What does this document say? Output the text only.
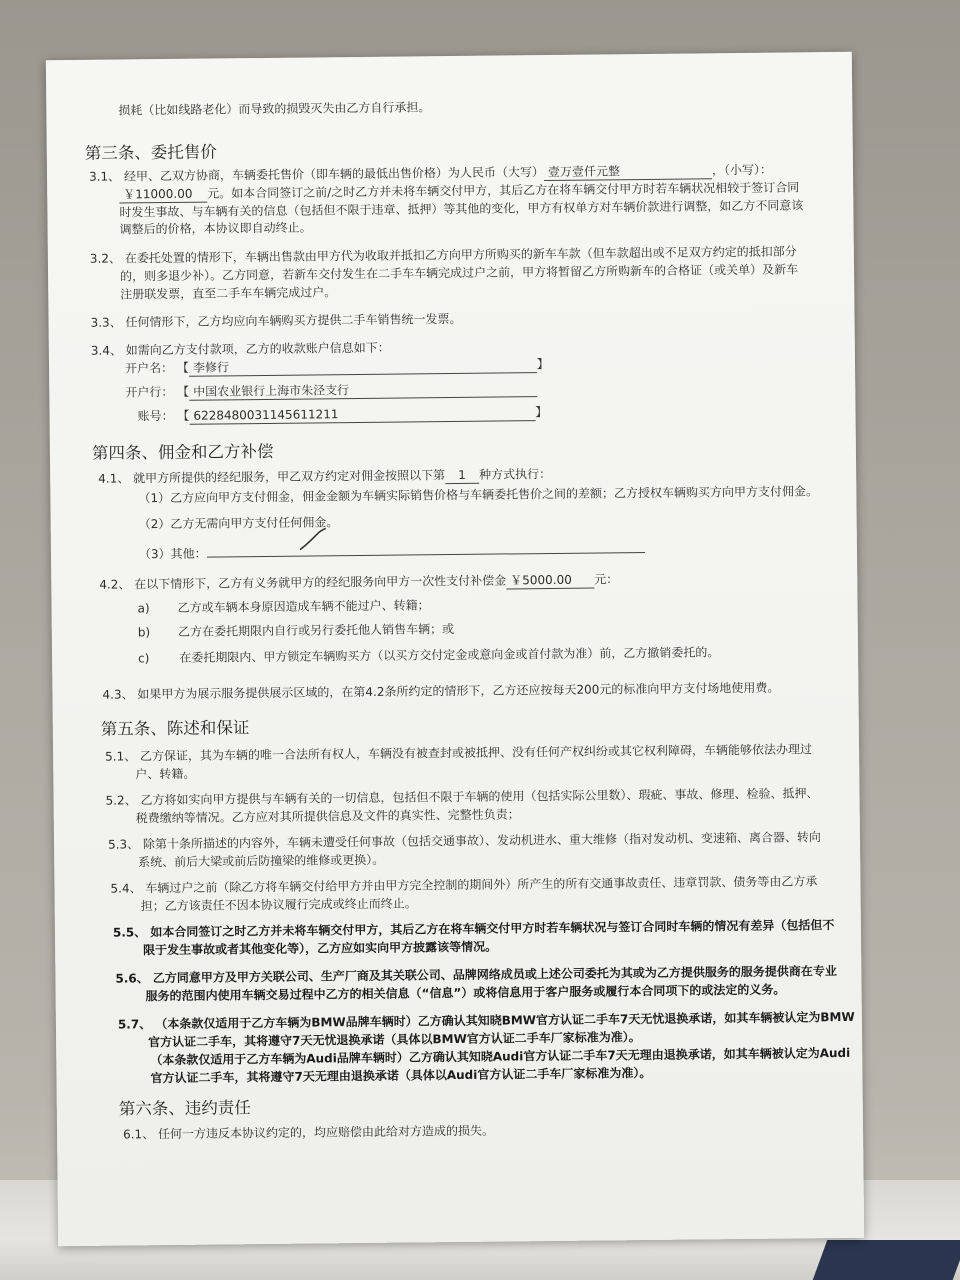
损耗（比如线路老化）而导致的损毁灭失由乙方自行承担。
第三条、委托售价
3.1、 经甲、乙双方协商，车辆委托售价（即车辆的最低出售价格）为人民币（大写） 壹万壹仟元整	，（小写）：
￥11000.00 元。如本合同签订之前/之时乙方并未将车辆交付甲方，其后乙方在将车辆交付甲方时若车辆状况相较于签订合同
时发生事故、与车辆有关的信息（包括但不限于违章、抵押）等其他的变化，甲方有权单方对车辆价款进行调整，如乙方不同意该
调整后的价格，本协议即自动终止。
3.2、 在委托处置的情形下，车辆出售款由甲方代为收取并抵扣乙方向甲方所购买的新车车款（但车款超出或不足双方约定的抵扣部分
的，则多退少补）。乙方同意，若新车交付发生在二手车车辆完成过户之前，甲方将暂留乙方所购新车的合格证（或关单）及新车
注册联发票，直至二手车车辆完成过户。
3.3、 任何情形下，乙方均应向车辆购买方提供二手车销售统一发票。
3.4、 如需向乙方支付款项，乙方的收款账户信息如下：
开户名： 【 李修行	】
开户行： 【 中国农业银行上海市朱泾支行
账号： 【 6228480031145611211	】
第四条、佣金和乙方补偿
4.1、 就甲方所提供的经纪服务，甲乙双方约定对佣金按照以下第 1 种方式执行：
（1）乙方应向甲方支付佣金，佣金金额为车辆实际销售价格与车辆委托售价之间的差额；乙方授权车辆购买方向甲方支付佣金。
（2）乙方无需向甲方支付任何佣金。
（3）其他：
4.2、 在以下情形下，乙方有义务就甲方的经纪服务向甲方一次性支付补偿金 ￥5000.00 元：
a) 乙方或车辆本身原因造成车辆不能过户、转籍；
b) 乙方在委托期限内自行或另行委托他人销售车辆；或
c) 在委托期限内、甲方锁定车辆购买方（以买方交付定金或意向金或首付款为准）前，乙方撤销委托的。
4.3、 如果甲方为展示服务提供展示区域的，在第4.2条所约定的情形下，乙方还应按每天200元的标准向甲方支付场地使用费。
第五条、陈述和保证
5.1、 乙方保证，其为车辆的唯一合法所有权人，车辆没有被查封或被抵押、没有任何产权纠纷或其它权利障碍，车辆能够依法办理过
户、转籍。
5.2、 乙方将如实向甲方提供与车辆有关的一切信息，包括但不限于车辆的使用（包括实际公里数）、瑕疵、事故、修理、检验、抵押、
税费缴纳等情况。乙方应对其所提供信息及文件的真实性、完整性负责；
5.3、 除第十条所描述的内容外，车辆未遭受任何事故（包括交通事故）、发动机进水、重大维修（指对发动机、变速箱、离合器、转向
系统、前后大梁或前后防撞梁的维修或更换）。
5.4、 车辆过户之前（除乙方将车辆交付给甲方并由甲方完全控制的期间外）所产生的所有交通事故责任、违章罚款、债务等由乙方承
担；乙方该责任不因本协议履行完成或终止而终止。
5.5、 如本合同签订之时乙方并未将车辆交付甲方，其后乙方在将车辆交付甲方时若车辆状况与签订合同时车辆的情况有差异（包括但不
限于发生事故或者其他变化等），乙方应如实向甲方披露该等情况。
5.6、 乙方同意甲方及甲方关联公司、生产厂商及其关联公司、品牌网络成员或上述公司委托为其或为乙方提供服务的服务提供商在专业
服务的范围内使用车辆交易过程中乙方的相关信息（“信息”）或将信息用于客户服务或履行本合同项下的或法定的义务。
5.7、 （本条款仅适用于乙方车辆为BMW品牌车辆时）乙方确认其知晓BMW官方认证二手车7天无忧退换承诺，如其车辆被认定为BMW
官方认证二手车，其将遵守7天无忧退换承诺（具体以BMW官方认证二手车厂家标准为准）。
（本条款仅适用于乙方车辆为Audi品牌车辆时）乙方确认其知晓Audi官方认证二手车7天无理由退换承诺，如其车辆被认定为Audi
官方认证二手车，其将遵守7天无理由退换承诺（具体以Audi官方认证二手车厂家标准为准）。
第六条、违约责任
6.1、 任何一方违反本协议约定的，均应赔偿由此给对方造成的损失。
